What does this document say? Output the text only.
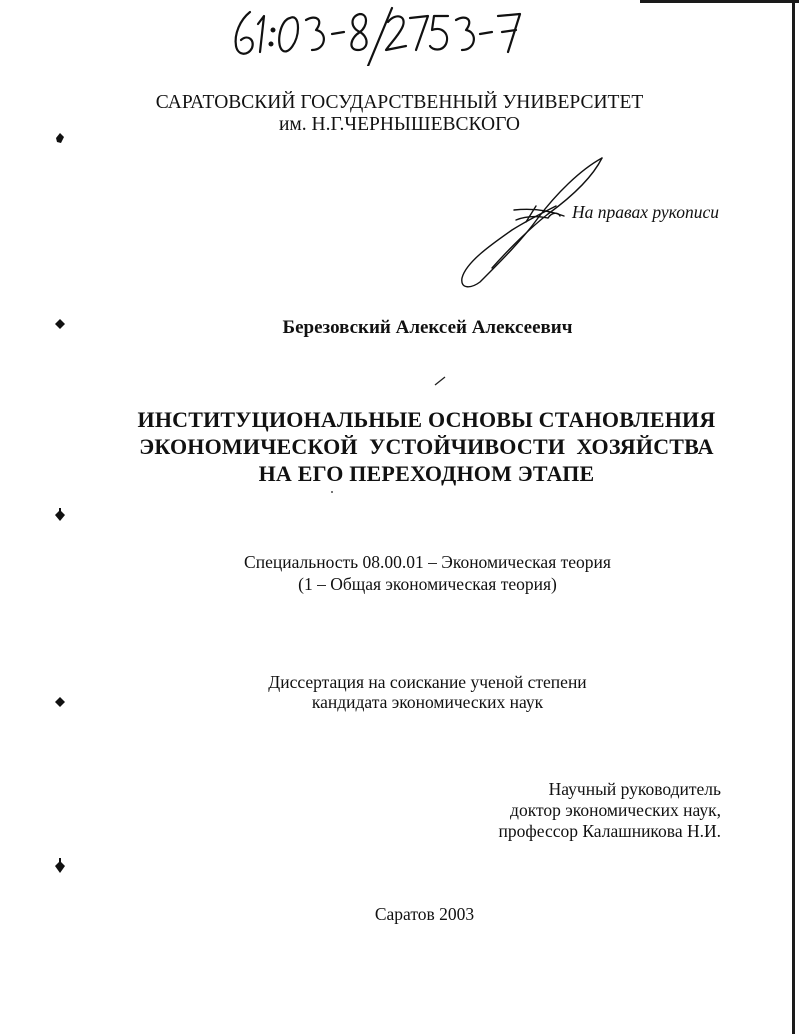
САРАТОВСКИЙ ГОСУДАРСТВЕННЫЙ УНИВЕРСИТЕТ
им. Н.Г.ЧЕРНЫШЕВСКОГО
На правах рукописи
Березовский Алексей Алексеевич
ИНСТИТУЦИОНАЛЬНЫЕ ОСНОВЫ СТАНОВЛЕНИЯ
ЭКОНОМИЧЕСКОЙ  УСТОЙЧИВОСТИ  ХОЗЯЙСТВА
НА ЕГО ПЕРЕХОДНОМ ЭТАПЕ
Специальность 08.00.01 – Экономическая теория
(1 – Общая экономическая теория)
Диссертация на соискание ученой степени
кандидата экономических наук
Научный руководитель
доктор экономических наук,
профессор Калашникова Н.И.
Саратов 2003
